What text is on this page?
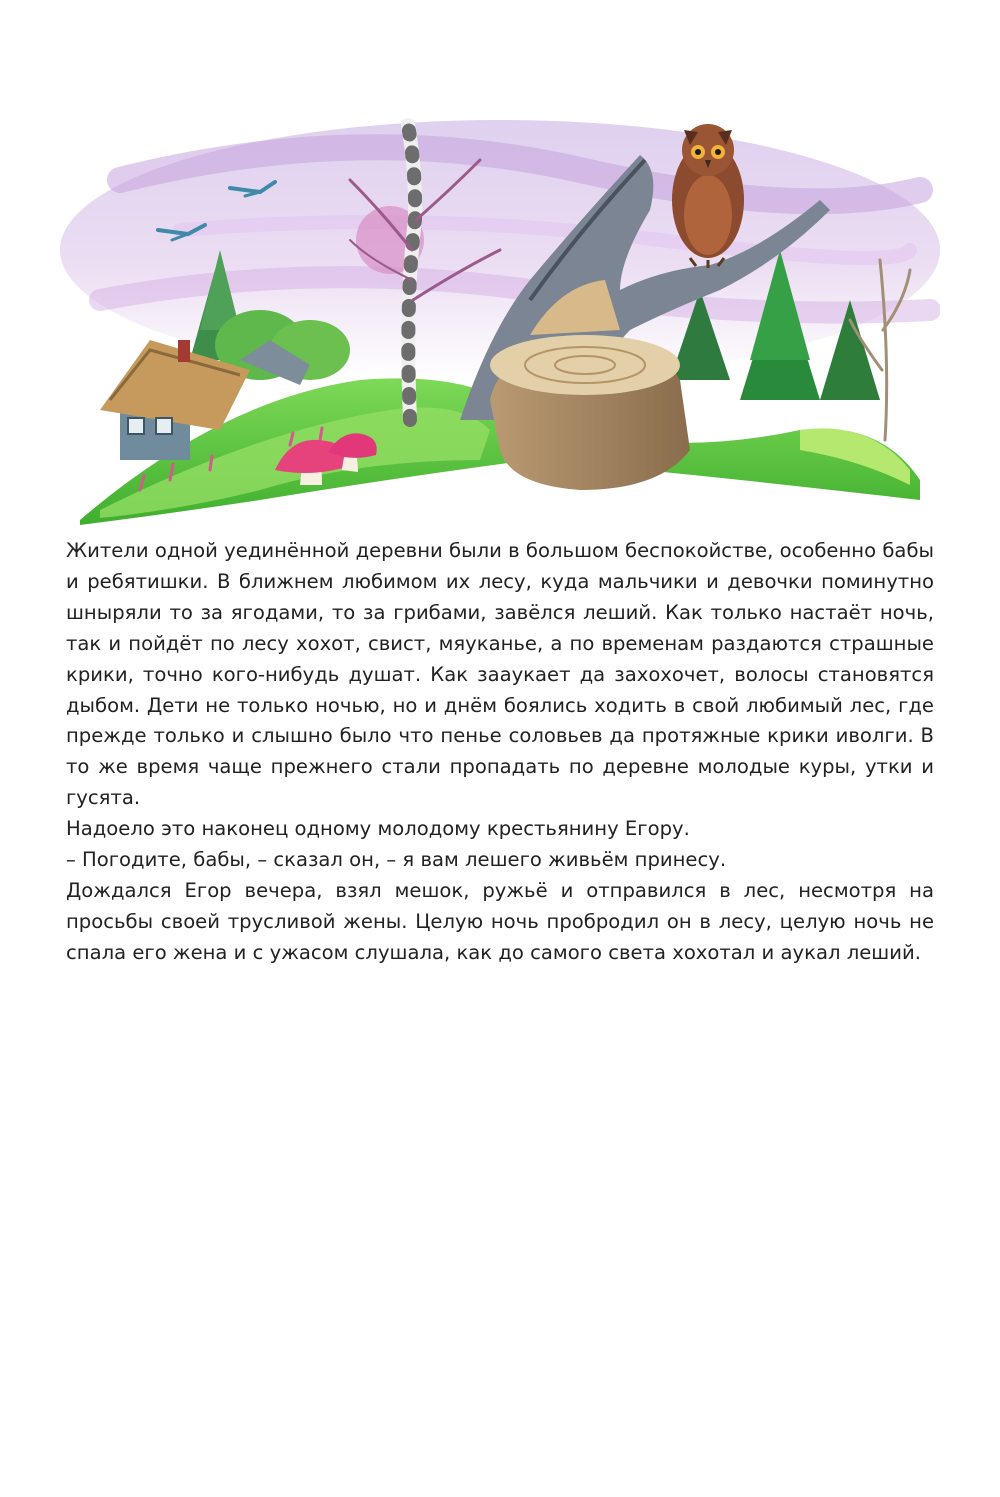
Жители одной уединённой деревни были в большом беспокойстве, особенно бабы и ребятишки. В ближнем любимом их лесу, куда мальчики и девочки поминутно шныряли то за ягодами, то за грибами, завёлся леший. Как только настаёт ночь, так и пойдёт по лесу хохот, свист, мяуканье, а по временам раздаются страшные крики, точно кого-нибудь душат. Как заaукает да захохочет, волосы становятся дыбом. Дети не только ночью, но и днём боялись ходить в свой любимый лес, где прежде только и слышно было что пенье соловьев да протяжные крики иволги. В то же время чаще прежнего стали пропадать по деревне молодые куры, утки и гусята.

Надоело это наконец одному молодому крестьянину Егору.

– Погодите, бабы, – сказал он, – я вам лешего живьём принесу.

Дождался Егор вечера, взял мешок, ружьё и отправился в лес, несмотря на просьбы своей трусливой жены. Целую ночь пробродил он в лесу, целую ночь не спала его жена и с ужасом слушала, как до самого света хохотал и аукал леший.
